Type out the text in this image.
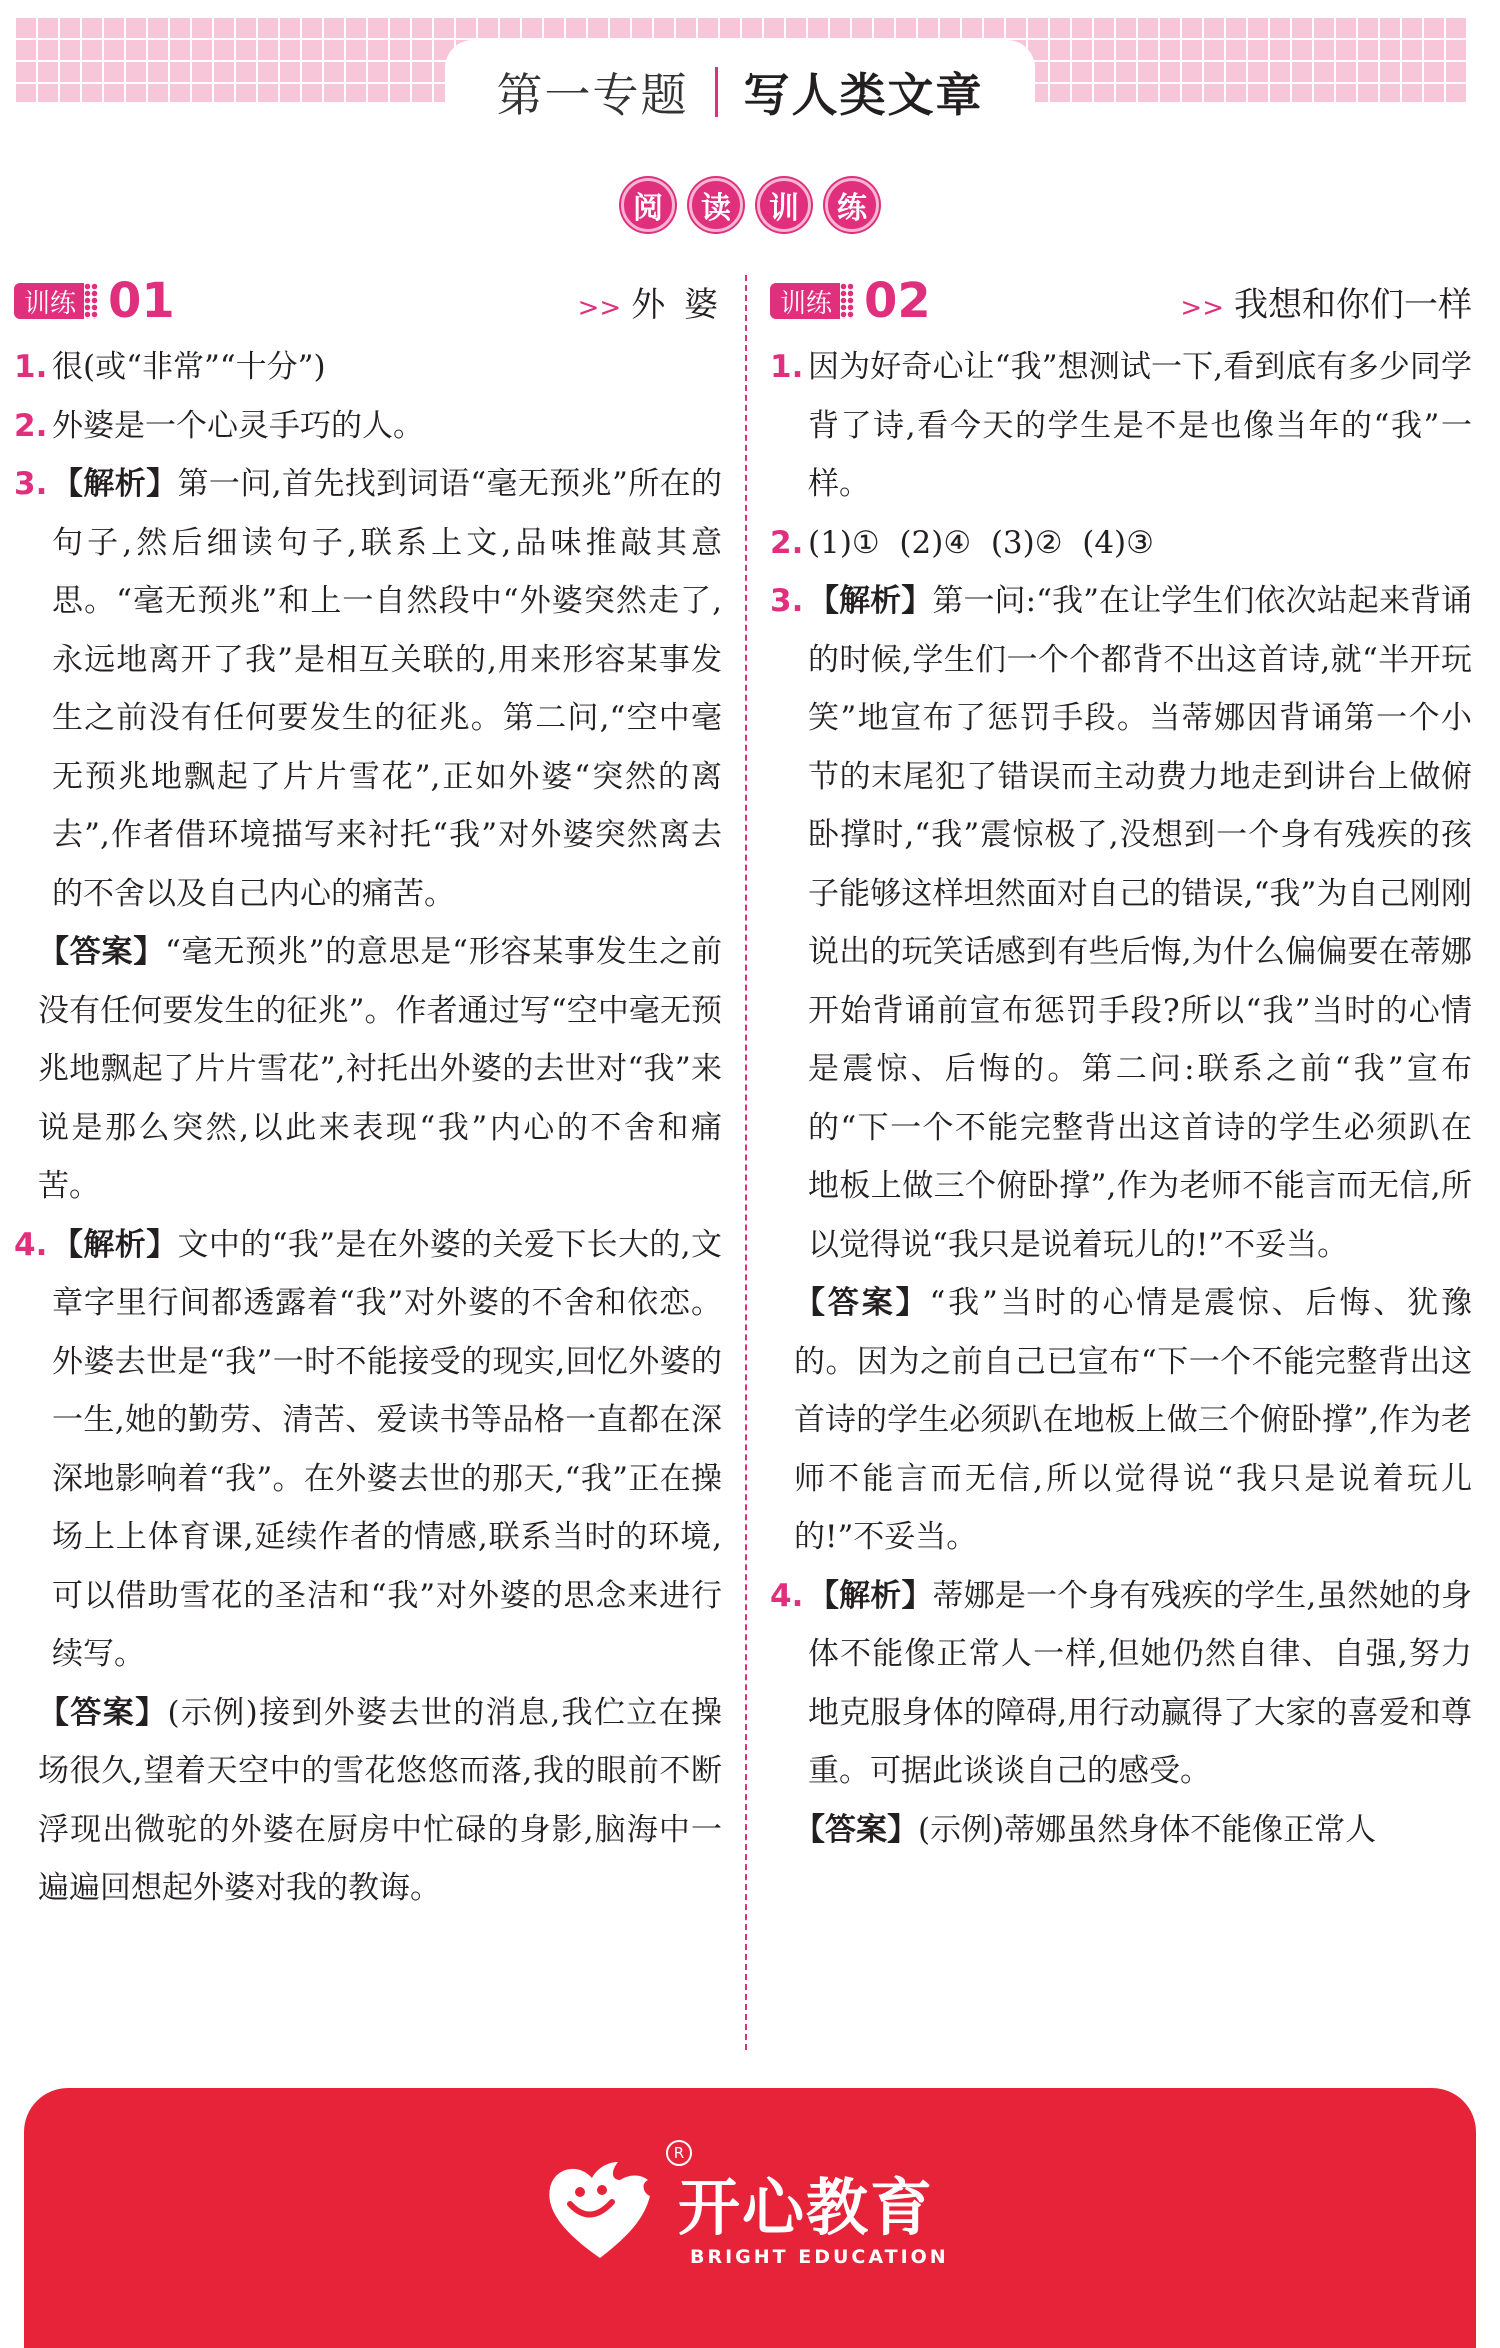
第一专题 写人类文章
阅	读	训	练
训练 01	>> 外 婆
1. 很(或“非常”“十分”)
2. 外婆是一个心灵手巧的人。
3. 【解析】第一问,首先找到词语“毫无预兆”所在的句子,然后细读句子,联系上文,品味推敲其意思。“毫无预兆”和上一自然段中“外婆突然走了,永远地离开了我”是相互关联的,用来形容某事发生之前没有任何要发生的征兆。第二问,“空中毫无预兆地飘起了片片雪花”,正如外婆“突然的离去”,作者借环境描写来衬托“我”对外婆突然离去的不舍以及自己内心的痛苦。
【答案】“毫无预兆”的意思是“形容某事发生之前没有任何要发生的征兆”。作者通过写“空中毫无预兆地飘起了片片雪花”,衬托出外婆的去世对“我”来说是那么突然,以此来表现“我”内心的不舍和痛苦。
4. 【解析】文中的“我”是在外婆的关爱下长大的,文章字里行间都透露着“我”对外婆的不舍和依恋。外婆去世是“我”一时不能接受的现实,回忆外婆的一生,她的勤劳、清苦、爱读书等品格一直都在深深地影响着“我”。在外婆去世的那天,“我”正在操场上上体育课,延续作者的情感,联系当时的环境,可以借助雪花的圣洁和“我”对外婆的思念来进行续写。
【答案】(示例)接到外婆去世的消息,我伫立在操场很久,望着天空中的雪花悠悠而落,我的眼前不断浮现出微驼的外婆在厨房中忙碌的身影,脑海中一遍遍回想起外婆对我的教诲。
训练 02	>> 我想和你们一样
1. 因为好奇心让“我”想测试一下,看到底有多少同学背了诗,看今天的学生是不是也像当年的“我”一样。
2. (1)①  (2)④  (3)②  (4)③
3. 【解析】第一问:“我”在让学生们依次站起来背诵的时候,学生们一个个都背不出这首诗,就“半开玩笑”地宣布了惩罚手段。当蒂娜因背诵第一个小节的末尾犯了错误而主动费力地走到讲台上做俯卧撑时,“我”震惊极了,没想到一个身有残疾的孩子能够这样坦然面对自己的错误,“我”为自己刚刚说出的玩笑话感到有些后悔,为什么偏偏要在蒂娜开始背诵前宣布惩罚手段?所以“我”当时的心情是震惊、后悔的。第二问:联系之前“我”宣布的“下一个不能完整背出这首诗的学生必须趴在地板上做三个俯卧撑”,作为老师不能言而无信,所以觉得说“我只是说着玩儿的!”不妥当。
【答案】“我”当时的心情是震惊、后悔、犹豫的。因为之前自己已宣布“下一个不能完整背出这首诗的学生必须趴在地板上做三个俯卧撑”,作为老师不能言而无信,所以觉得说“我只是说着玩儿的!”不妥当。
4. 【解析】蒂娜是一个身有残疾的学生,虽然她的身体不能像正常人一样,但她仍然自律、自强,努力地克服身体的障碍,用行动赢得了大家的喜爱和尊重。可据此谈谈自己的感受。
【答案】(示例)蒂娜虽然身体不能像正常人
R
开心教育
BRIGHT EDUCATION
